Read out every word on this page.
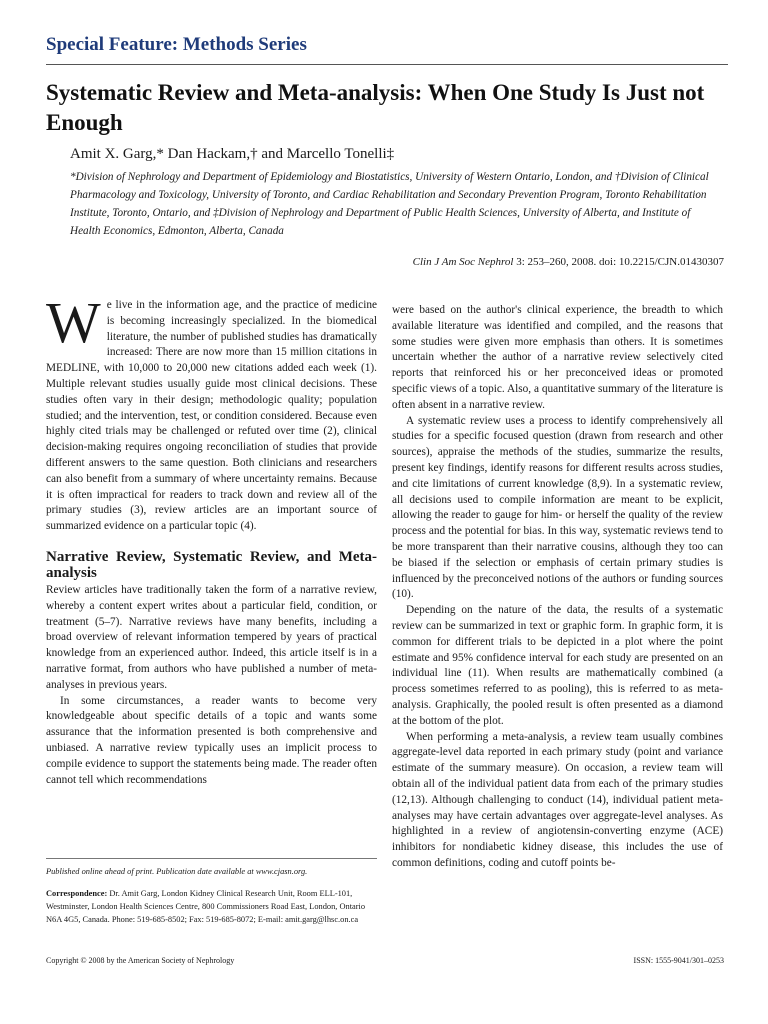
Special Feature: Methods Series
Systematic Review and Meta-analysis: When One Study Is Just not Enough
Amit X. Garg,* Dan Hackam,† and Marcello Tonelli‡
*Division of Nephrology and Department of Epidemiology and Biostatistics, University of Western Ontario, London, and †Division of Clinical Pharmacology and Toxicology, University of Toronto, and Cardiac Rehabilitation and Secondary Prevention Program, Toronto Rehabilitation Institute, Toronto, Ontario, and ‡Division of Nephrology and Department of Public Health Sciences, University of Alberta, and Institute of Health Economics, Edmonton, Alberta, Canada
Clin J Am Soc Nephrol 3: 253–260, 2008. doi: 10.2215/CJN.01430307

We live in the information age, and the practice of medicine is becoming increasingly specialized. In the biomedical literature, the number of published studies has dramatically increased: There are now more than 15 million citations in MEDLINE, with 10,000 to 20,000 new citations added each week (1). Multiple relevant studies usually guide most clinical decisions. These studies often vary in their design; methodologic quality; population studied; and the intervention, test, or condition considered. Because even highly cited trials may be challenged or refuted over time (2), clinical decision-making requires ongoing reconciliation of studies that provide different answers to the same question. Both clinicians and researchers can also benefit from a summary of where uncertainty remains. Because it is often impractical for readers to track down and review all of the primary studies (3), review articles are an important source of summarized evidence on a particular topic (4).

Narrative Review, Systematic Review, and Meta-analysis

Review articles have traditionally taken the form of a narrative review, whereby a content expert writes about a particular field, condition, or treatment (5–7). Narrative reviews have many benefits, including a broad overview of relevant information tempered by years of practical knowledge from an experienced author. Indeed, this article itself is in a narrative format, from authors who have published a number of meta-analyses in previous years.

In some circumstances, a reader wants to become very knowledgeable about specific details of a topic and wants some assurance that the information presented is both comprehensive and unbiased. A narrative review typically uses an implicit process to compile evidence to support the statements being made. The reader often cannot tell which recommendations

were based on the author's clinical experience, the breadth to which available literature was identified and compiled, and the reasons that some studies were given more emphasis than others. It is sometimes uncertain whether the author of a narrative review selectively cited reports that reinforced his or her preconceived ideas or promoted specific views of a topic. Also, a quantitative summary of the literature is often absent in a narrative review.

A systematic review uses a process to identify comprehensively all studies for a specific focused question (drawn from research and other sources), appraise the methods of the studies, summarize the results, present key findings, identify reasons for different results across studies, and cite limitations of current knowledge (8,9). In a systematic review, all decisions used to compile information are meant to be explicit, allowing the reader to gauge for him- or herself the quality of the review process and the potential for bias. In this way, systematic reviews tend to be more transparent than their narrative cousins, although they too can be biased if the selection or emphasis of certain primary studies is influenced by the preconceived notions of the authors or funding sources (10).

Depending on the nature of the data, the results of a systematic review can be summarized in text or graphic form. In graphic form, it is common for different trials to be depicted in a plot where the point estimate and 95% confidence interval for each study are presented on an individual line (11). When results are mathematically combined (a process sometimes referred to as pooling), this is referred to as meta-analysis. Graphically, the pooled result is often presented as a diamond at the bottom of the plot.

When performing a meta-analysis, a review team usually combines aggregate-level data reported in each primary study (point and variance estimate of the summary measure). On occasion, a review team will obtain all of the individual patient data from each of the primary studies (12,13). Although challenging to conduct (14), individual patient meta-analyses may have certain advantages over aggregate-level analyses. As highlighted in a review of angiotensin-converting enzyme (ACE) inhibitors for nondiabetic kidney disease, this includes the use of common definitions, coding and cutoff points be-

Published online ahead of print. Publication date available at www.cjasn.org.
Correspondence: Dr. Amit Garg, London Kidney Clinical Research Unit, Room ELL-101, Westminster, London Health Sciences Centre, 800 Commissioners Road East, London, Ontario N6A 4G5, Canada. Phone: 519-685-8502; Fax: 519-685-8072; E-mail: amit.garg@lhsc.on.ca
Copyright © 2008 by the American Society of Nephrology	ISSN: 1555-9041/301–0253
